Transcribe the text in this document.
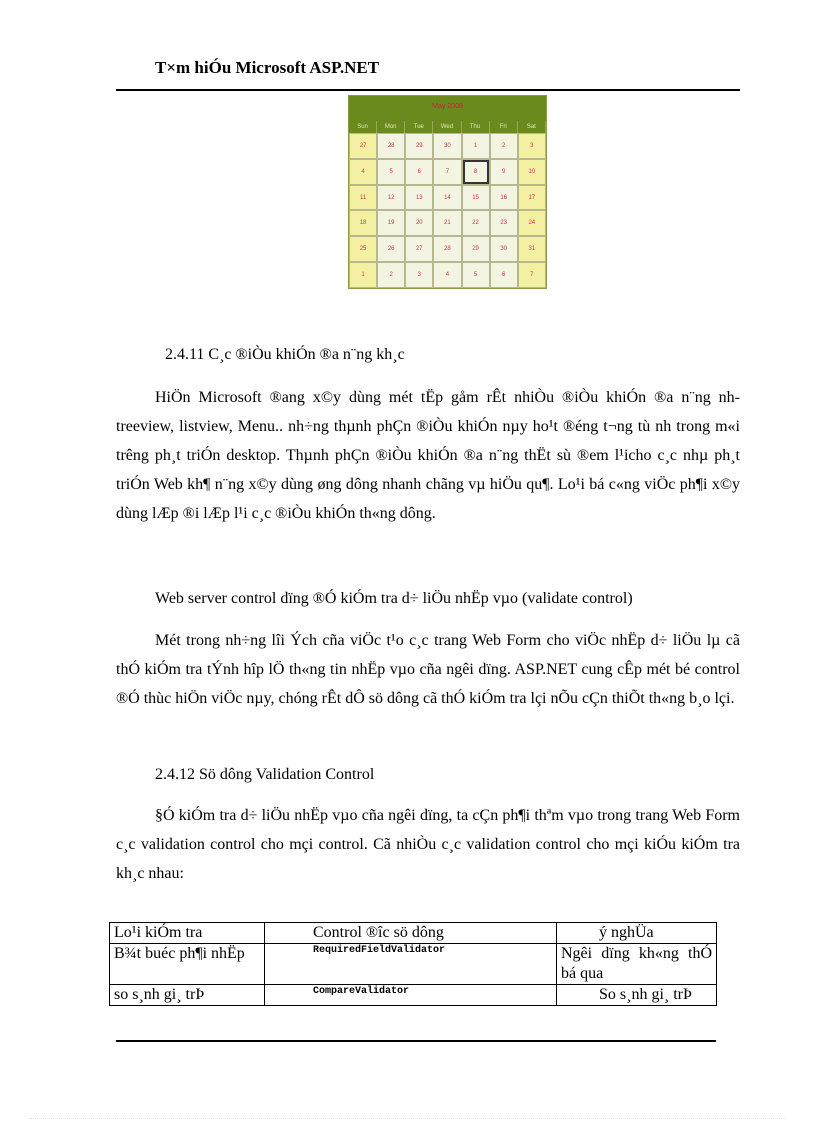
T×m hiÓu Microsoft ASP.NET
May 2008
Sun	Mon	Tue	Wed	Thu	Fri	Sat
27	28	29	30	1	2	3
4	5	6	7	8	9	10
11	12	13	14	15	16	17
18	19	20	21	22	23	24
25	26	27	28	29	30	31
1	2	3	4	5	6	7
2.4.11 C¸c ®iÒu khiÓn ®a n¨ng kh¸c
HiÖn Microsoft ®ang x©y dùng mét tËp gåm rÊt nhiÒu ®iÒu khiÓn ®a n¨ng nh treeview, listview, Menu.. nh÷ng thµnh phÇn ®iÒu khiÓn nµy ho¹t ®éng t¬ng tù nh trong m«i trêng ph¸t triÓn desktop. Thµnh phÇn ®iÒu khiÓn ®a n¨ng thËt sù ®em l¹icho c¸c nhµ ph¸t triÓn Web kh¶ n¨ng x©y dùng øng dông nhanh chãng vµ hiÖu qu¶. Lo¹i bá c«ng viÖc ph¶i x©y dùng lÆp ®i lÆp l¹i c¸c ®iÒu khiÓn th«ng dông.
Web server control dïng ®Ó kiÓm tra d÷ liÖu nhËp vµo (validate control)
Mét trong nh÷ng lîi Ých cña viÖc t¹o c¸c trang Web Form cho viÖc nhËp d÷ liÖu lµ cã thÓ kiÓm tra tÝnh hîp lÖ th«ng tin nhËp vµo cña ngêi dïng. ASP.NET cung cÊp mét bé control ®Ó thùc hiÖn viÖc nµy, chóng rÊt dÔ sö dông cã thÓ kiÓm tra lçi nÕu cÇn thiÕt th«ng b¸o lçi.
2.4.12 Sö dông Validation Control
§Ó kiÓm tra d÷ liÖu nhËp vµo cña ngêi dïng, ta cÇn ph¶i thªm vµo trong trang Web Form c¸c validation control cho mçi control. Cã nhiÒu c¸c validation control cho mçi kiÓu kiÓm tra kh¸c nhau:
Lo¹i kiÓm tra	Control ®îc sö dông	ý nghÜa
B¾t buéc ph¶i nhËp	RequiredFieldValidator	Ngêi dïng kh«ng thÓ bá qua
so s¸nh gi¸ trÞ	CompareValidator	So s¸nh gi¸ trÞ
